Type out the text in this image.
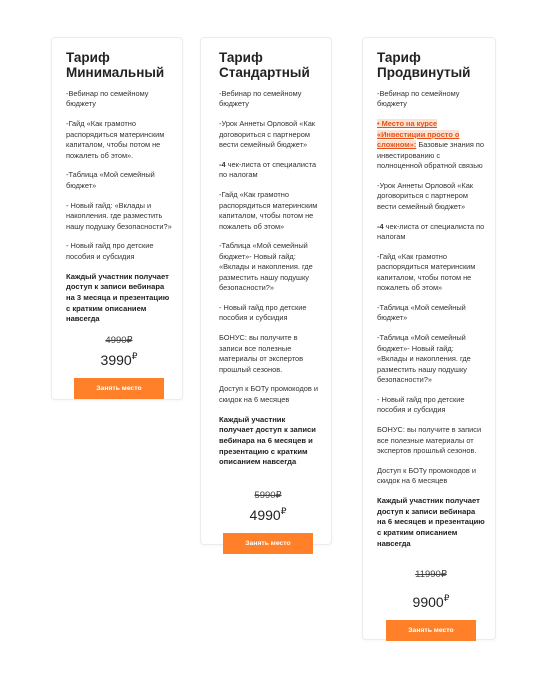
Тариф
Минимальный
-Вебинар по семейному бюджету
-Гайд «Как грамотно распорядиться материнским капиталом, чтобы потом не пожалеть об этом».
-Таблица «Мой семейный бюджет»
- Новый гайд: «Вклады и накопления. где разместить нашу подушку безопасности?»
- Новый гайд про детские пособия и субсидия
Каждый участник получает доступ к записи вебинара на 3 месяца и презентацию с кратким описанием навсегда
4990₽
3990₽
Занять место
Тариф
Стандартный
-Вебинар по семейному бюджету
-Урок Аннеты Орловой «Как договориться с партнером вести семейный бюджет»
-4 чек-листа от специалиста по налогам
-Гайд «Как грамотно распорядиться материнским капиталом, чтобы потом не пожалеть об этом»
-Таблица «Мой семейный бюджет»- Новый гайд: «Вклады и накопления. где разместить нашу подушку безопасности?»
- Новый гайд про детские пособия и субсидия
БОНУС: вы получите в записи все полезные материалы от экспертов прошлый сезонов.
Доступ к БОТу промокодов и скидок на 6 месяцев
Каждый участник получает доступ к записи вебинара на 6 месяцев и презентацию с кратким описанием навсегда
5990₽
4990₽
Занять место
Тариф
Продвинутый
-Вебинар по семейному бюджету
• Место на курсе «Инвестиции просто о сложном»: Базовые знания по инвестированию с полноценной обратной связью
-Урок Аннеты Орловой «Как договориться с партнером вести семейный бюджет»
-4 чек-листа от специалиста по налогам
-Гайд «Как грамотно распорядиться материнским капиталом, чтобы потом не пожалеть об этом»
-Таблица «Мой семейный бюджет»
-Таблица «Мой семейный бюджет»- Новый гайд: «Вклады и накопления. где разместить нашу подушку безопасности?»
- Новый гайд про детские пособия и субсидия
БОНУС: вы получите в записи все полезные материалы от экспертов прошлый сезонов.
Доступ к БОТу промокодов и скидок на 6 месяцев
Каждый участник получает доступ к записи вебинара на 6 месяцев и презентацию с кратким описанием навсегда
11990₽
9900₽
Занять место
